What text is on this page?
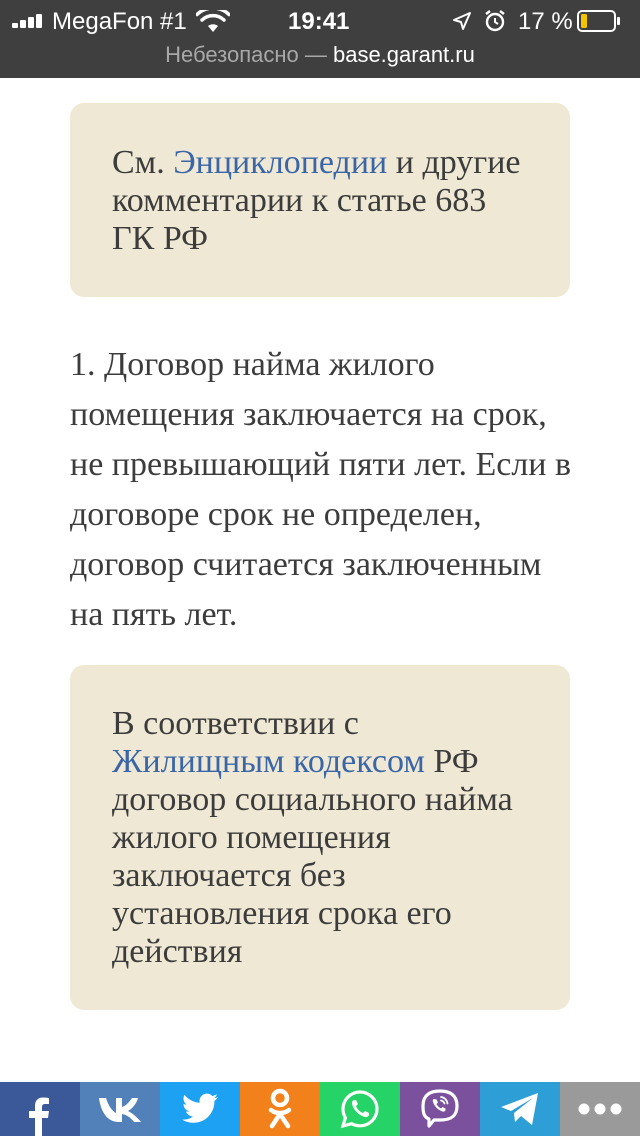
MegaFon #1	19:41	17 %
Небезопасно — base.garant.ru
См. Энциклопедии и другие комментарии к статье 683 ГК РФ
1. Договор найма жилого помещения заключается на срок, не превышающий пяти лет. Если в договоре срок не определен, договор считается заключенным на пять лет.
В соответствии с Жилищным кодексом РФ договор социального найма жилого помещения заключается без установления срока его действия
